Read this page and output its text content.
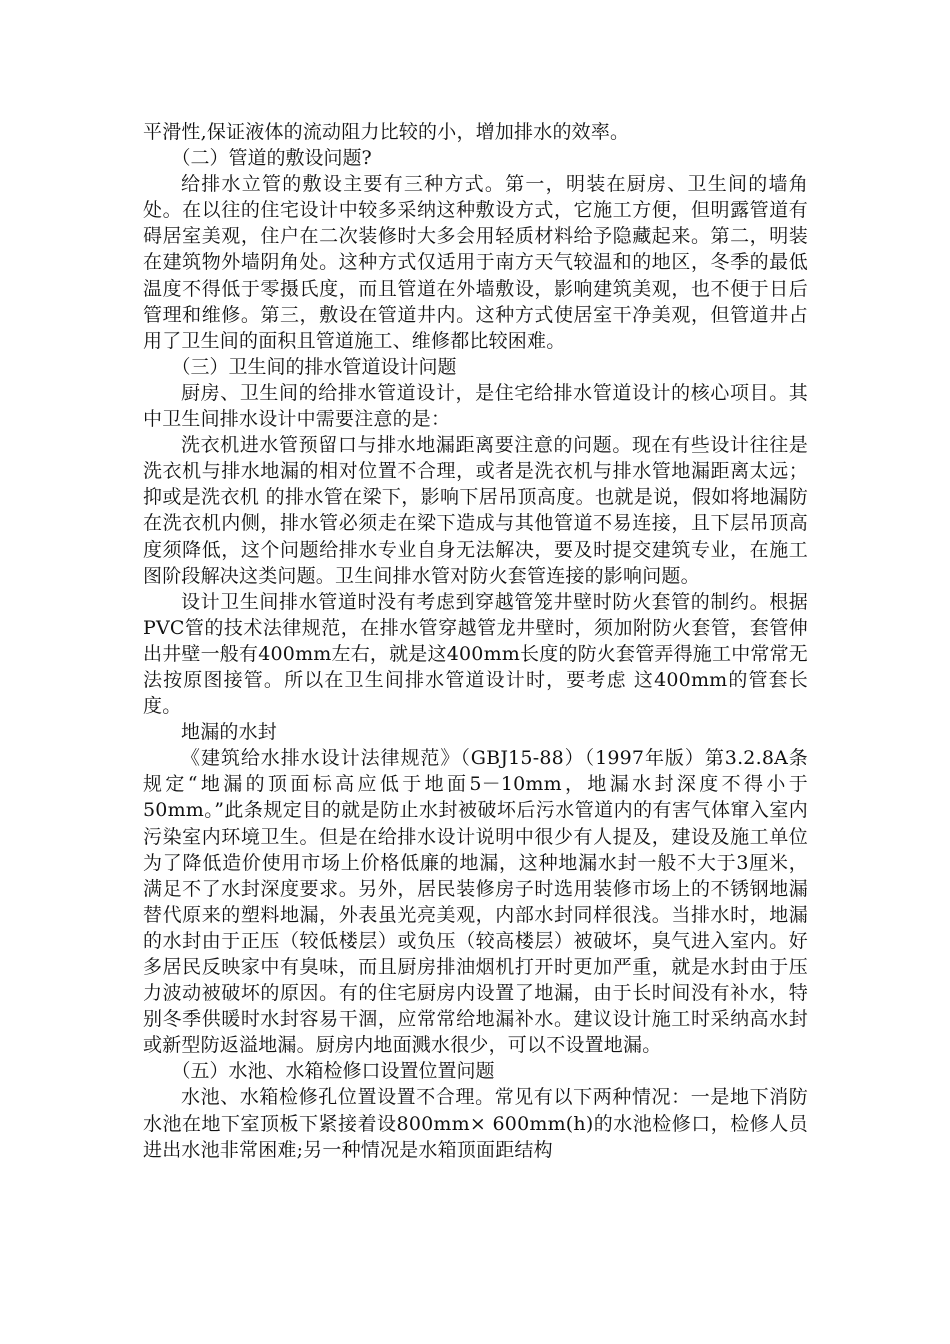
平滑性,保证液体的流动阻力比较的小，增加排水的效率。

（二）管道的敷设问题?

给排水立管的敷设主要有三种方式。第一，明装在厨房、卫生间的墙角处。在以往的住宅设计中较多采纳这种敷设方式，它施工方便，但明露管道有碍居室美观，住户在二次装修时大多会用轻质材料给予隐藏起来。第二，明装在建筑物外墙阴角处。这种方式仅适用于南方天气较温和的地区，冬季的最低温度不得低于零摄氏度，而且管道在外墙敷设，影响建筑美观，也不便于日后管理和维修。第三，敷设在管道井内。这种方式使居室干净美观，但管道井占用了卫生间的面积且管道施工、维修都比较困难。

（三）卫生间的排水管道设计问题

厨房、卫生间的给排水管道设计，是住宅给排水管道设计的核心项目。其中卫生间排水设计中需要注意的是：

洗衣机进水管预留口与排水地漏距离要注意的问题。现在有些设计往往是洗衣机与排水地漏的相对位置不合理，或者是洗衣机与排水管地漏距离太远；抑或是洗衣机 的排水管在梁下，影响下居吊顶高度。也就是说，假如将地漏防在洗衣机内侧，排水管必须走在梁下造成与其他管道不易连接，且下层吊顶高度须降低，这个问题给排水专业自身无法解决，要及时提交建筑专业，在施工图阶段解决这类问题。卫生间排水管对防火套管连接的影响问题。

设计卫生间排水管道时没有考虑到穿越管笼井壁时防火套管的制约。根据PVC管的技术法律规范，在排水管穿越管龙井壁时，须加附防火套管，套管伸出井壁一般有400mm左右，就是这400mm长度的防火套管弄得施工中常常无法按原图接管。所以在卫生间排水管道设计时，要考虑 这400mm的管套长度。

地漏的水封

《建筑给水排水设计法律规范》（GBJ15-88）（1997年版）第3.2.8A条规定“地漏的顶面标高应低于地面5－10mm，地漏水封深度不得小于50mm。”此条规定目的就是防止水封被破坏后污水管道内的有害气体窜入室内污染室内环境卫生。但是在给排水设计说明中很少有人提及，建设及施工单位为了降低造价使用市场上价格低廉的地漏，这种地漏水封一般不大于3厘米，满足不了水封深度要求。另外，居民装修房子时选用装修市场上的不锈钢地漏替代原来的塑料地漏，外表虽光亮美观，内部水封同样很浅。当排水时，地漏的水封由于正压（较低楼层）或负压（较高楼层）被破坏，臭气进入室内。好多居民反映家中有臭味，而且厨房排油烟机打开时更加严重，就是水封由于压力波动被破坏的原因。有的住宅厨房内设置了地漏，由于长时间没有补水，特别冬季供暖时水封容易干涸，应常常给地漏补水。建议设计施工时采纳高水封或新型防返溢地漏。厨房内地面溅水很少，可以不设置地漏。

（五）水池、水箱检修口设置位置问题

水池、水箱检修孔位置设置不合理。常见有以下两种情况：一是地下消防水池在地下室顶板下紧接着设800mm× 600mm(h)的水池检修口，检修人员进出水池非常困难;另一种情况是水箱顶面距结构
